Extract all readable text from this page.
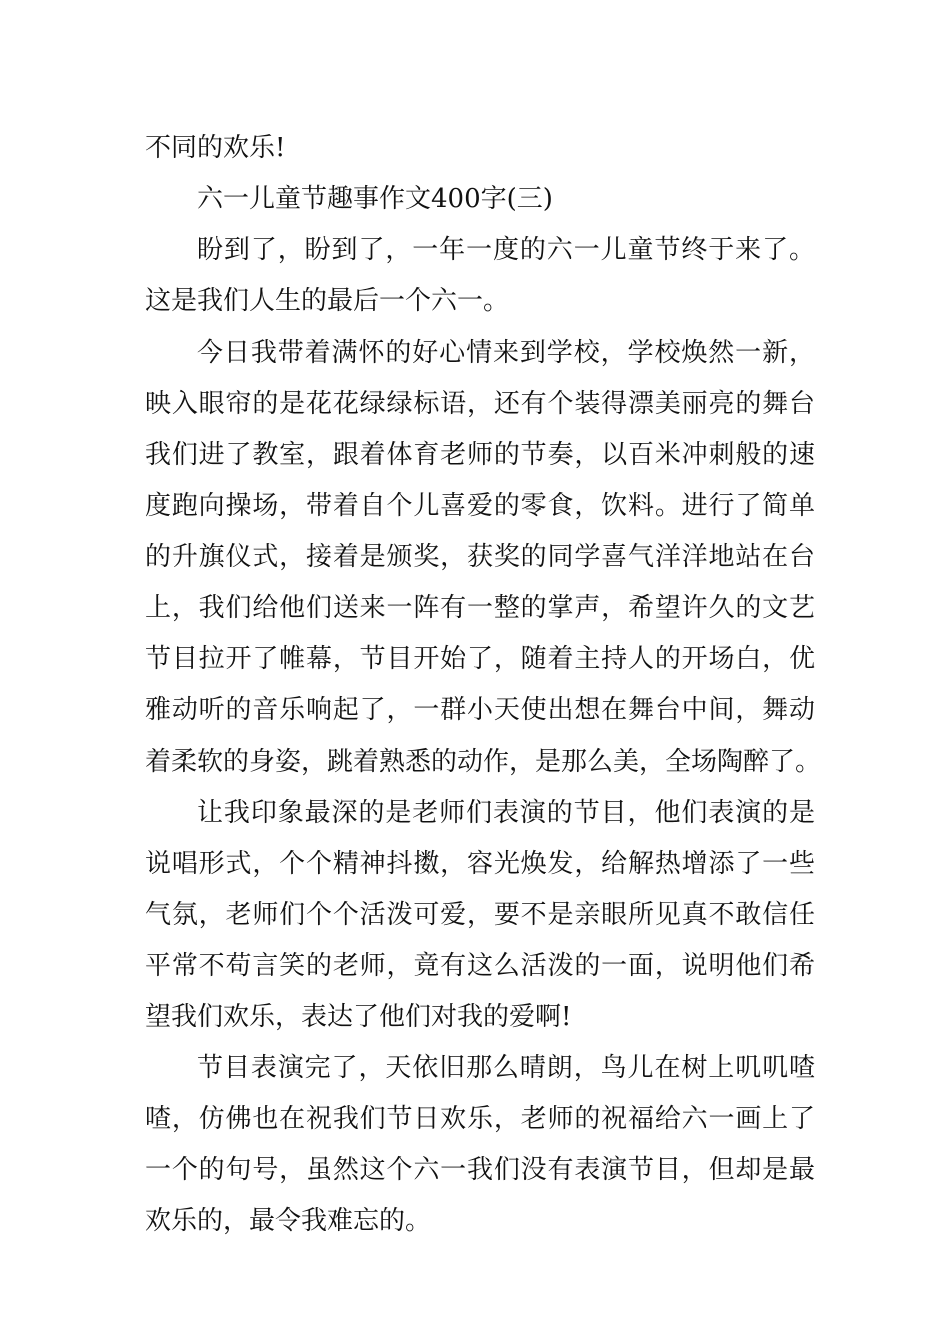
不同的欢乐!
六一儿童节趣事作文400字(三)
盼到了，盼到了，一年一度的六一儿童节终于来了。
这是我们人生的最后一个六一。
今日我带着满怀的好心情来到学校，学校焕然一新，
映入眼帘的是花花绿绿标语，还有个装得漂美丽亮的舞台
我们进了教室，跟着体育老师的节奏，以百米冲刺般的速
度跑向操场，带着自个儿喜爱的零食，饮料。进行了简单
的升旗仪式，接着是颁奖，获奖的同学喜气洋洋地站在台
上，我们给他们送来一阵有一整的掌声，希望许久的文艺
节目拉开了帷幕，节目开始了，随着主持人的开场白，优
雅动听的音乐响起了，一群小天使出想在舞台中间，舞动
着柔软的身姿，跳着熟悉的动作，是那么美，全场陶醉了。
让我印象最深的是老师们表演的节目，他们表演的是
说唱形式，个个精神抖擞，容光焕发，给解热增添了一些
气氛，老师们个个活泼可爱，要不是亲眼所见真不敢信任
平常不苟言笑的老师，竟有这么活泼的一面，说明他们希
望我们欢乐，表达了他们对我的爱啊!
节目表演完了，天依旧那么晴朗，鸟儿在树上叽叽喳
喳，仿佛也在祝我们节日欢乐，老师的祝福给六一画上了
一个的句号，虽然这个六一我们没有表演节目，但却是最
欢乐的，最令我难忘的。
